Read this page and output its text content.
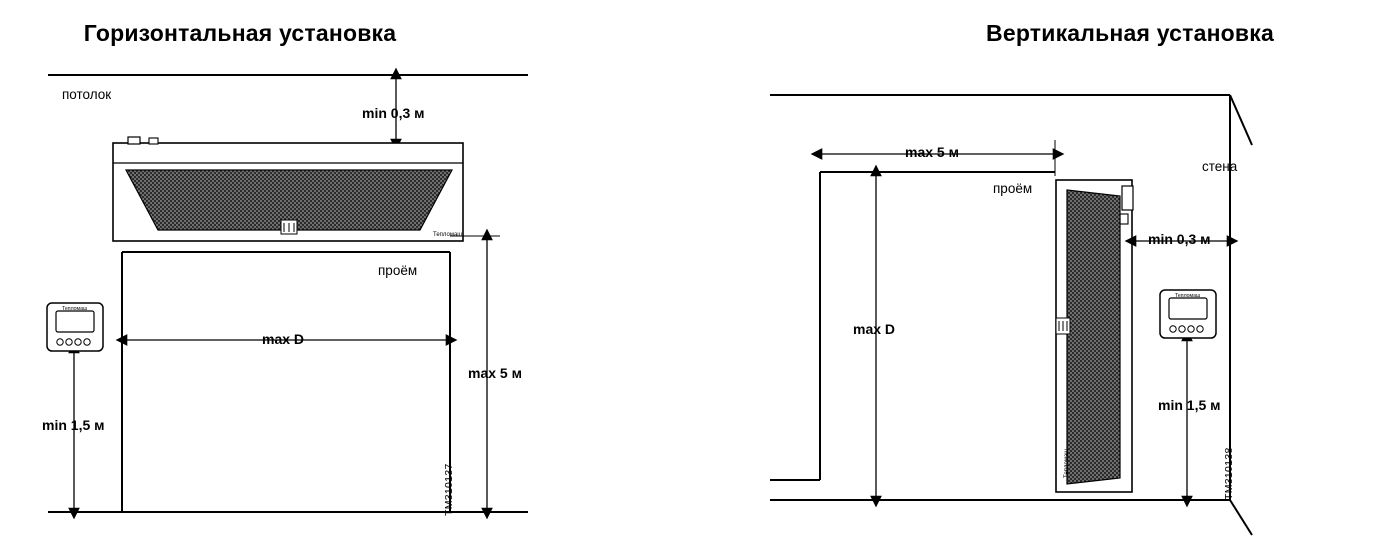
Горизонтальная установка
Тепломаш
Тепломаш
потолок
min 0,3 м
проём
max D
max 5 м
min 1,5 м
TM310137
Вертикальная установка
Тепломаш
Тепломаш
стена
проём
max 5 м
min 0,3 м
max D
min 1,5 м
TM310138
